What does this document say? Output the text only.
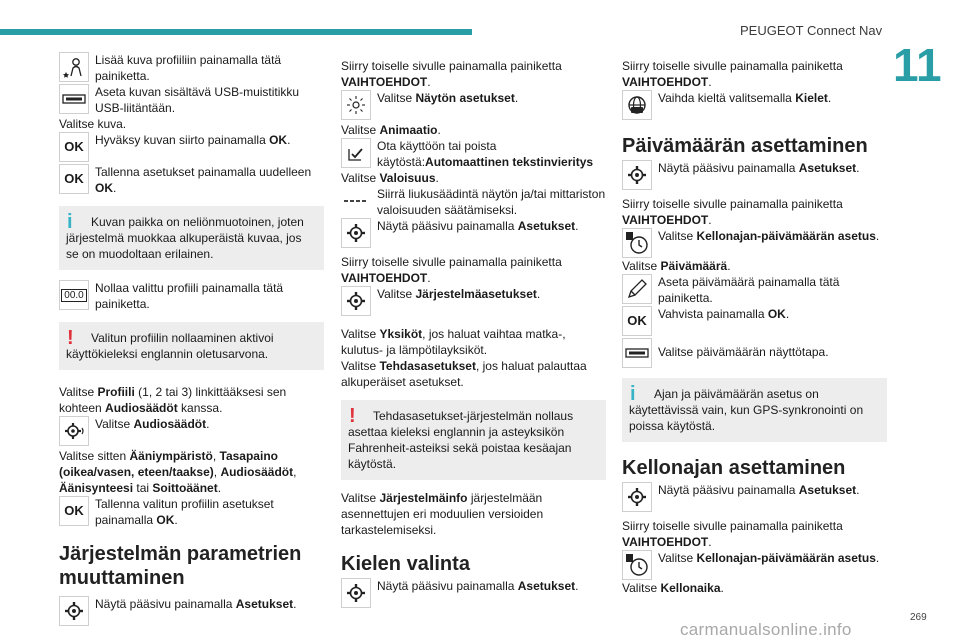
PEUGEOT Connect Nav
11
Lisää kuva profiiliin painamalla tätä painiketta.
Aseta kuvan sisältävä USB-muistitikku USB-liitäntään.

Valitse kuva.

OK Hyväksy kuvan siirto painamalla OK.
OK Tallenna asetukset painamalla uudelleen OK.
i	Kuvan paikka on neliönmuotoinen, joten järjestelmä muokkaa alkuperäistä kuvaa, jos se on muodoltaan erilainen.
00.0 Nollaa valittu profiili painamalla tätä painiketta.
!	Valitun profiilin nollaaminen aktivoi käyttökieleksi englannin oletusarvona.

Valitse Profiili (1, 2 tai 3) linkittääksesi sen kohteen Audiosäädöt kanssa.

Valitse Audiosäädöt.

Valitse sitten Ääniympäristö, Tasapaino (oikea/vasen, eteen/taakse), Audiosäädöt, Äänisynteesi tai Soittoäänet.

OK Tallenna valitun profiilin asetukset painamalla OK.
Järjestelmän parametrien muuttaminen
Näytä pääsivu painamalla Asetukset.

Siirry toiselle sivulle painamalla painiketta VAIHTOEHDOT.

Valitse Näytön asetukset.

Valitse Animaatio.

Ota käyttöön tai poista käytöstä:Automaattinen tekstinvieritys

Valitse Valoisuus.

Siirrä liukusäädintä näytön ja/tai mittariston valoisuuden säätämiseksi.
Näytä pääsivu painamalla Asetukset.

Siirry toiselle sivulle painamalla painiketta VAIHTOEHDOT.

Valitse Järjestelmäasetukset.

Valitse Yksiköt, jos haluat vaihtaa matka-, kulutus- ja lämpötilayksiköt.

Valitse Tehdasasetukset, jos haluat palauttaa alkuperäiset asetukset.

!	Tehdasasetukset-järjestelmän nollaus asettaa kieleksi englannin ja asteyksikön Fahrenheit-asteiksi sekä poistaa kesäajan käytöstä.

Valitse Järjestelmäinfo järjestelmään asennettujen eri moduulien versioiden tarkastelemiseksi.

Kielen valinta
Näytä pääsivu painamalla Asetukset.

Siirry toiselle sivulle painamalla painiketta VAIHTOEHDOT.

Vaihda kieltä valitsemalla Kielet.
Päivämäärän asettaminen
Näytä pääsivu painamalla Asetukset.

Siirry toiselle sivulle painamalla painiketta VAIHTOEHDOT.

Valitse Kellonajan-päivämäärän asetus.

Valitse Päivämäärä.

Aseta päivämäärä painamalla tätä painiketta.
OK Vahvista painamalla OK.
Valitse päivämäärän näyttötapa.
i	Ajan ja päivämäärän asetus on käytettävissä vain, kun GPS-synkronointi on poissa käytöstä.
Kellonajan asettaminen
Näytä pääsivu painamalla Asetukset.

Siirry toiselle sivulle painamalla painiketta VAIHTOEHDOT.

Valitse Kellonajan-päivämäärän asetus.

Valitse Kellonaika.

269
carmanualsonline.info
